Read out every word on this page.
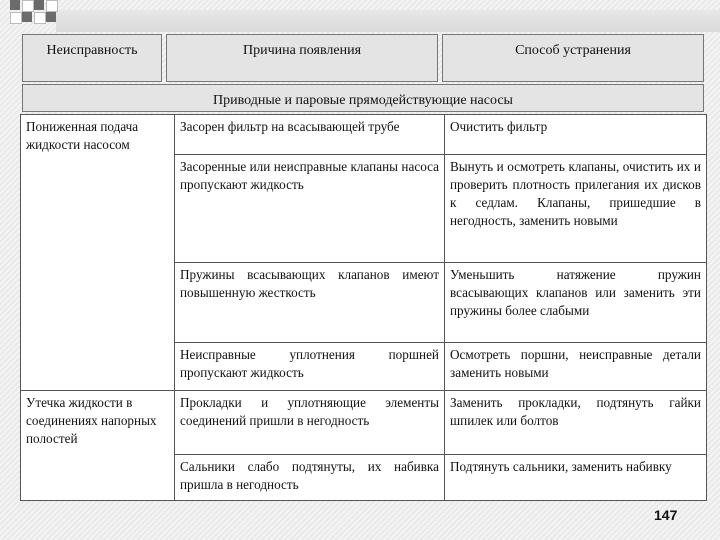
Неисправность	Причина появления	Способ устранения
Приводные и паровые прямодействующие насосы
Пониженная подача жидкости насосом	Засорен фильтр на всасывающей трубе	Очистить фильтр
	Засоренные или неисправные клапаны насоса пропускают жидкость	Вынуть и осмотреть клапаны, очистить их и проверить плотность прилегания их дисков к седлам. Клапаны, пришедшие в негодность, заменить новыми
	Пружины всасывающих клапанов имеют повышенную жесткость	Уменьшить натяжение пружин всасывающих клапанов или заменить эти пружины более слабыми
	Неисправные уплотнения поршней пропускают жидкость	Осмотреть поршни, неисправные детали заменить новыми
Утечка жидкости в соединениях напорных полостей	Прокладки и уплотняющие элементы соединений пришли в негодность	Заменить прокладки, подтянуть гайки шпилек или болтов
	Сальники слабо подтянуты, их набивка пришла в негодность	Подтянуть сальники, заменить набивку
147
